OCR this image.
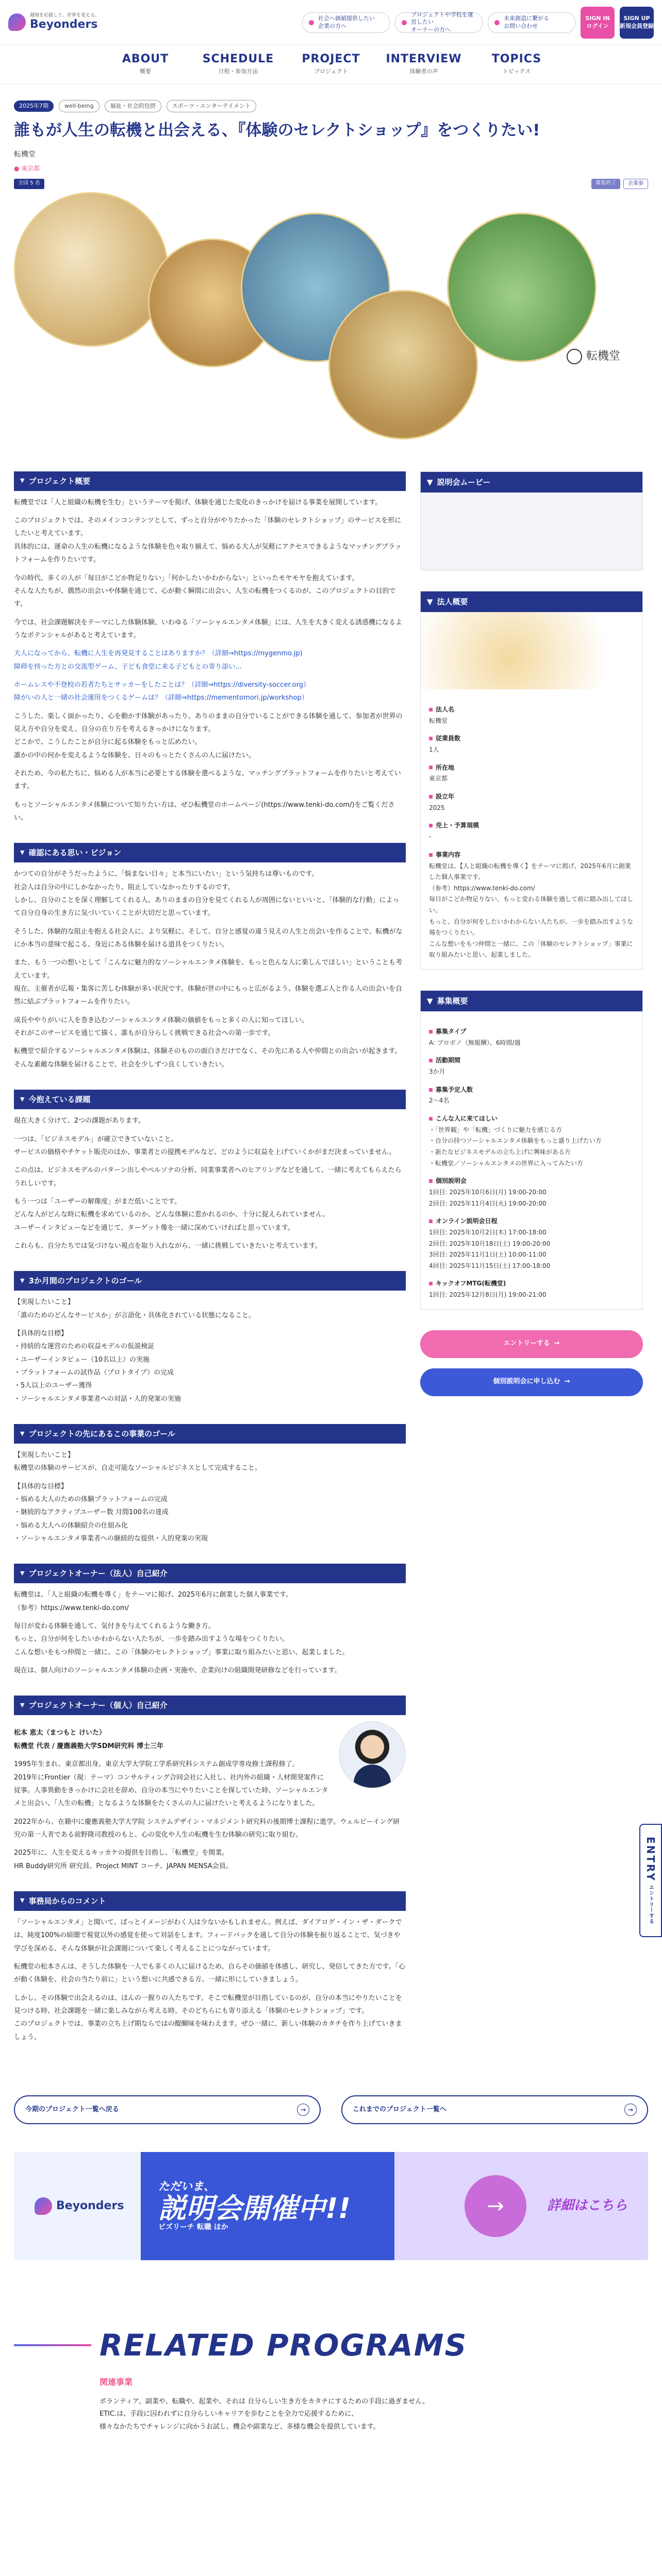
越境を応援して、世界を変える。
Beyonders	社会へ価値提供したい
企業の方へ
プロジェクトや学校を運営したい
オーナーの方へ
未来創造に繋がる
お問い合わせ
SIGN IN
ログイン
SIGN UP
新規会員登録
ABOUT
概要
SCHEDULE
日程・参加方法
PROJECT
プロジェクト
INTERVIEW
体験者の声
TOPICS
トピックス
2025年7期	well-being	福祉・社会的包摂	スポーツ・エンターテイメント
誰もが人生の転機と出会える、『体験のセレクトショップ』をつくりたい!
転機堂
● 東京都
全国 5 名	募集終了	企業参
転機堂
▼ プロジェクト概要

転機堂では「人と組織の転機を生む」というテーマを掲げ、体験を通じた変化のきっかけを届ける事業を展開しています。

このプロジェクトでは、そのメインコンテンツとして、ずっと自分がやりたかった「体験のセレクトショップ」のサービスを形にしたいと考えています。
具体的には、運命の人生の転機になるような体験を色々取り揃えて、悩める大人が気軽にアクセスできるようなマッチングプラットフォームを作りたいです。

今の時代、多くの人が「毎日がこどか物足りない」「何かしたいかわからない」といったモヤモヤを抱えています。
そんな人たちが、偶然の出会いや体験を通じて、心が動く瞬間に出会い、人生の転機をつくるのが、このプロジェクトの目的です。

今では、社会課題解決をテーマにした体験体験、いわゆる「ソーシャルエンタメ体験」には、人生を大きく変える誘惑機になるようなポテンシャルがあると考えています。

大人になってから、転機に人生を再発見することはありますか？（詳細⇒https://mygenmo.jp)
障碍を持った方との交流型ゲーム、子ども食堂に来る子どもとの寄り添い...

ホームレスや不登校の若者たちとサッカーをしたことは？（詳細⇒https://diversity-soccer.org）
障がいの人と一緒の社会運用をつくるゲームは？（詳細⇒https://mementomori.jp/workshop）

こうした、楽しく面かったり、心を動かす体験があったり、ありのままの自分でいることができる体験を通して、参加者が世界の見え方や自分を変え、自分の在り方を考えるきっかけになります。
どこかで、こうしたことが自分に起る体験をもっと広めたい。
誰かの中の何かを変えるような体験を、日々のもっとたくさんの人に届けたい。

それため、今の私たちに、悩める人が本当に必要とする体験を選べるような、マッチングプラットフォームを作りたいと考えています。

もっとソーシャルエンタメ体験について知りたい方は、ぜひ転機堂のホームページ(https://www.tenki-do.com/)をご覧ください。

▼ 確認にある思い・ビジョン

かつての自分がそうだったように、「悩まない日々」と本当にいたい」という気持ちは尊いものです。
社会人は自分の中にしかなかったり、阻止していなかったりするのです。
しかし、自分のことを深く理解してくれる人、ありのままの自分を見てくれる人が周囲にないといいと、「体験的な行動」によって自分自身の生き方に気づいていくことが大切だと思っています。

そうした、体験的な阻止を抱える社会人に、より気軽に、そして、自分と感覚の違う見えの人生と出会いを作ることで、転機がなにか本当の意味で起こる、身近にある体験を届ける道具をつくりたい。

また、もう一つの想いとして「こんなに魅力的なソーシャルエンタメ体験を、もっと色んな人に楽しんでほしい」ということも考えています。
現在、主催者が広報・集客に苦しむ体験が多い状況です。体験が世の中にもっと広がるよう、体験を選ぶ人と作る人の出会いを自然に結ぶプラットフォームを作りたい。

成長ややりがいに人を巻き込むソーシャルエンタメ体験の価値をもっと多くの人に知ってほしい。
それがこのサービスを通じて描く、誰もが自分らしく挑戦できる社会への第一歩です。

転機堂で紹介するソーシャルエンタメ体験は、体験そのものの面白さだけでなく、その先にある人や仲間との出会いが起きます。そんな素敵な体験を届けることで、社会を少しずつ良くしていきたい。

▼ 今抱えている課題

現在大きく分けて、2つの課題があります。

一つは、「ビジネスモデル」が確立できていないこと。
サービスの価格やチケット販売のほか、事業者との提携モデルなど、どのように収益を上げていくかがまだ決まっていません。

この点は、ビジネスモデルのパターン出しやペルソナの分析、同業事業者へのヒアリングなどを通して、一緒に考えてもらえたらうれしいです。

もう一つは「ユーザーの解像度」がまだ低いことです。
どんな人がどんな時に転機を求めているのか、どんな体験に惹かれるのか、十分に捉えられていません。
ユーザーインタビューなどを通じて、ターゲット像を一緒に深めていければと思っています。

これらも、自分たちでは気づけない視点を取り入れながら、一緒に挑戦していきたいと考えています。

▼ 3か月間のプロジェクトのゴール

【実現したいこと】
「誰のためのどんなサービスか」が言語化・具体化されている状態になること。

【具体的な目標】
・持続的な運営のための収益モデルの仮説検証
・ユーザーインタビュー（10名以上）の実施
・プラットフォームの試作品（プロトタイプ）の完成
・5人以上のユーザー獲得
・ソーシャルエンタメ事業者への対話・人的発案の実施

▼ プロジェクトの先にあるこの事業のゴール

【実現したいこと】
転機堂の体験のサービスが、自走可能なソーシャルビジネスとして完成すること。

【具体的な目標】
・悩める大人のための体験プラットフォームの完成
・継続的なアクティブユーザー数 月間100名の達成
・悩める大人への体験紹介の仕組み化
・ソーシャルエンタメ事業者への継続的な提供・人的発案の実現

▼ プロジェクトオーナー（法人）自己紹介

転機堂は、「人と組織の転機を導く」をテーマに掲げ、2025年6月に創業した個人事業です。
（参考）https://www.tenki-do.com/

毎日が変わる体験を通して、気付きを与えてくれるような働き方。
もっと、自分が何をしたいかわからない人たちが、一歩を踏み出すような場をつくりたい。
こんな想いをもつ仲間と一緒に、この「体験のセレクトショップ」事業に取り組みたいと思い、起業しました。

現在は、個人向けのソーシャルエンタメ体験の企画・実施や、企業向けの組織開発研修などを行っています。

▼ プロジェクトオーナー（個人）自己紹介

松本 恵太（まつもと けいた）
転機堂 代表 / 慶應義塾大学SDM研究科 博士三年

1995年生まれ、東京都出身。東京大学大学院工学系研究科システム創成学専攻修士課程修了。
2019年にFrontier（現：テーマ）コンサルティング合同会社に入社し、社内外の組織・人材開発案件に従事。人事異動をきっかけに会社を辞め、自分の本当にやりたいことを探していた時、ソーシャルエンタメと出会い、「人生の転機」となるような体験をたくさんの人に届けたいと考えるようになりました。

2022年から、在籍中に慶應義塾大学大学院 システムデザイン・マネジメント研究科の後期博士課程に進学。ウェルビーイング研究の第一人者である前野隆司教授のもと、心の変化や人生の転機を生む体験の研究に取り組む。

2025年に、人生を変えるキッカケの提供を目指し、「転機堂」を開業。
HR Buddy研究所 研究員、Project MINT コーチ、JAPAN MENSA会員。

▼ 事務局からのコメント

「ソーシャルエンタメ」と聞いて、ぱっとイメージがわく人は少ないかもしれません。例えば、ダイアログ・イン・ザ・ダークでは、純度100%の暗闇で視覚以外の感覚を使って対話をします。フィードバックを通して自分の体験を振り返ることで、気づきや学びを深める、そんな体験が社会課題について楽しく考えることにつながっています。

転機堂の松本さんは、そうした体験を一人でも多くの人に届けるため、自らその価値を体感し、研究し、発信してきた方です。「心が動く体験を、社会の当たり前に」という想いに共感できる方、一緒に形にしていきましょう。

しかし、その体験で出会えるのは、ほんの一握りの人たちです。そこで転機堂が目指しているのが、自分の本当にやりたいことを見つける時、社会課題を一緒に楽しみながら考える時、そのどちらにも寄り添える「体験のセレクトショップ」です。
このプロジェクトでは、事業の立ち上げ期ならではの醍醐味を味わえます。ぜひ一緒に、新しい体験のカタチを作り上げていきましょう。

▼ 説明会ムービー
▼ 法人概要
法人名
転機堂
従業員数
1人
所在地
東京都
設立年
2025
売上・予算規模
-
事業内容
転機堂は、【人と組織の転機を導く】をテーマに掲げ、2025年6月に創業した個人事業です。
（参考）https://www.tenki-do.com/
毎日がこどか物足りない、もっと変わる体験を通して前に踏み出してほしい。
もっと、自分が何をしたいかわからない人たちが、一歩を踏み出すような場をつくりたい。
こんな想いをもつ仲間と一緒に、この「体験のセレクトショップ」事業に取り組みたいと思い、起業しました。
▼ 募集概要
募集タイプ
A: プロボノ（無報酬）、6時間/週
活動期間
3か月
募集予定人数
2〜4名
こんな人に来てほしい
・「世界観」や「転機」づくりに魅力を感じる方
・自分の持つソーシャルエンタメ体験をもっと盛り上げたい方
・新たなビジネスモデルの立ち上げに興味がある方
・転機堂／ソーシャルエンタメの世界に入ってみたい方
個別説明会
1回目: 2025年10月6日(月) 19:00-20:00
2回目: 2025年11月4日(火) 19:00-20:00
オンライン説明会日程
1回目: 2025年10月2日(木) 17:00-18:00
2回目: 2025年10月18日(土) 19:00-20:00
3回目: 2025年11月1日(土) 10:00-11:00
4回目: 2025年11月15日(土) 17:00-18:00
キックオフMTG(転機堂)
1回目: 2025年12月8日(月) 19:00-21:00
エントリーする →
個別説明会に申し込む →
今期のプロジェクト一覧へ戻る	→	これまでのプロジェクト一覧へ	→
Beyonders
ただいま、
説明会開催中!!
ビズリーチ 転職 ほか
→	詳細はこちら
RELATED PROGRAMS
関連事業

ボランティア、副業や、転職や、起業や、それは 自分らしい生き方をカタチにするための手段に過ぎません。
ETIC.は、手段に囚われずに自分らしいキャリアを歩むことを全力で応援するために、
様々なかたちでチャレンジに向かうお試し、機会や副業など、多様な機会を提供しています。

ENTRY
エントリーする
